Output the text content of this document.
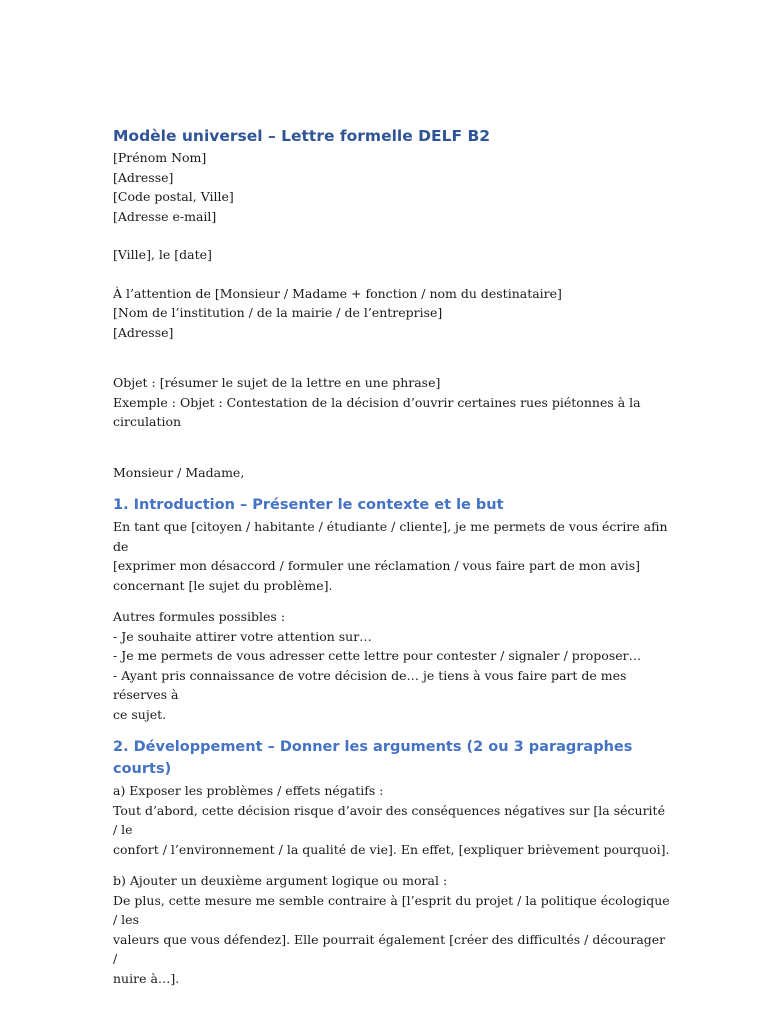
Modèle universel – Lettre formelle DELF B2

[Prénom Nom]

[Adresse]

[Code postal, Ville]

[Adresse e-mail]

[Ville], le [date]

À l’attention de [Monsieur / Madame + fonction / nom du destinataire]

[Nom de l’institution / de la mairie / de l’entreprise]

[Adresse]

Objet : [résumer le sujet de la lettre en une phrase]

Exemple : Objet : Contestation de la décision d’ouvrir certaines rues piétonnes à la

circulation

Monsieur / Madame,

1. Introduction – Présenter le contexte et le but

En tant que [citoyen / habitante / étudiante / cliente], je me permets de vous écrire afin de

[exprimer mon désaccord / formuler une réclamation / vous faire part de mon avis]

concernant [le sujet du problème].

Autres formules possibles :

- Je souhaite attirer votre attention sur…

- Je me permets de vous adresser cette lettre pour contester / signaler / proposer…

- Ayant pris connaissance de votre décision de… je tiens à vous faire part de mes réserves à

ce sujet.

2. Développement – Donner les arguments (2 ou 3 paragraphes courts)

a) Exposer les problèmes / effets négatifs :

Tout d’abord, cette décision risque d’avoir des conséquences négatives sur [la sécurité / le

confort / l’environnement / la qualité de vie]. En effet, [expliquer brièvement pourquoi].

b) Ajouter un deuxième argument logique ou moral :

De plus, cette mesure me semble contraire à [l’esprit du projet / la politique écologique / les

valeurs que vous défendez]. Elle pourrait également [créer des difficultés / décourager /

nuire à…].
